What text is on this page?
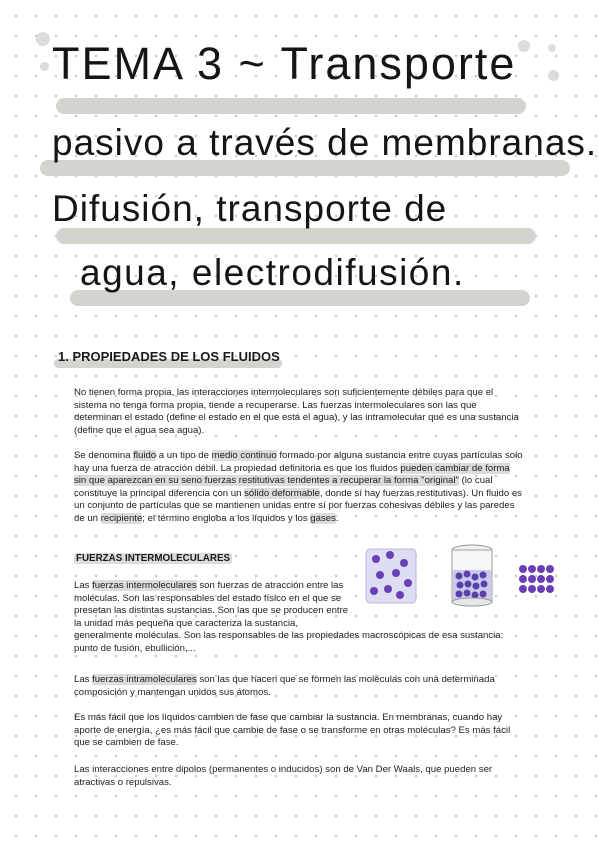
TEMA 3 ~ Transporte
pasivo a través de membranas.
Difusión, transporte de
agua, electrodifusión.
1. PROPIEDADES DE LOS FLUIDOS

No tienen forma propia, las interacciones intermoleculares son suficientemente débiles para que el sistema no tenga forma propia, tiende a recuperarse. Las fuerzas intermoleculares son las que determinan el estado (define el estado en el que está el agua), y las intramolecular qué es una sustancia (define que el agua sea agua).

Se denomina fluido a un tipo de medio continuo formado por alguna sustancia entre cuyas partículas solo hay una fuerza de atracción débil. La propiedad definitoria es que los fluidos pueden cambiar de forma sin que aparezcan en su seno fuerzas restitutivas tendentes a recuperar la forma "original" (lo cual constituye la principal diferencia con un sólido deformable, donde sí hay fuerzas restitutivas). Un fluido es un conjunto de partículas que se mantienen unidas entre sí por fuerzas cohesivas débiles y las paredes de un recipiente; el término engloba a los líquidos y los gases.

FUERZAS INTERMOLECULARES

Las fuerzas intermoleculares son fuerzas de atracción entre las moléculas. Son las responsables del estado físico en el que se presetan las distintas sustancias. Son las que se producen entre la unidad más pequeña que caracteriza la sustancia, generalmente moléculas. Son las responsables de las propiedades macroscópicas de esa sustancia: punto de fusión, ebullición,...

Las fuerzas intramoleculares son las que hacen que se formen las moléculas con una determinada composición y mantengan unidos sus átomos.

Es más fácil que los líquidos cambien de fase que cambiar la sustancia. En membranas, cuando hay aporte de energía, ¿es más fácil que cambie de fase o se transforme en otras moléculas? Es más fácil que se cambien de fase.

Las interacciones entre dipolos (permanentes o inducidos) son de Van Der Waals, que pueden ser atractivas o repulsivas.
